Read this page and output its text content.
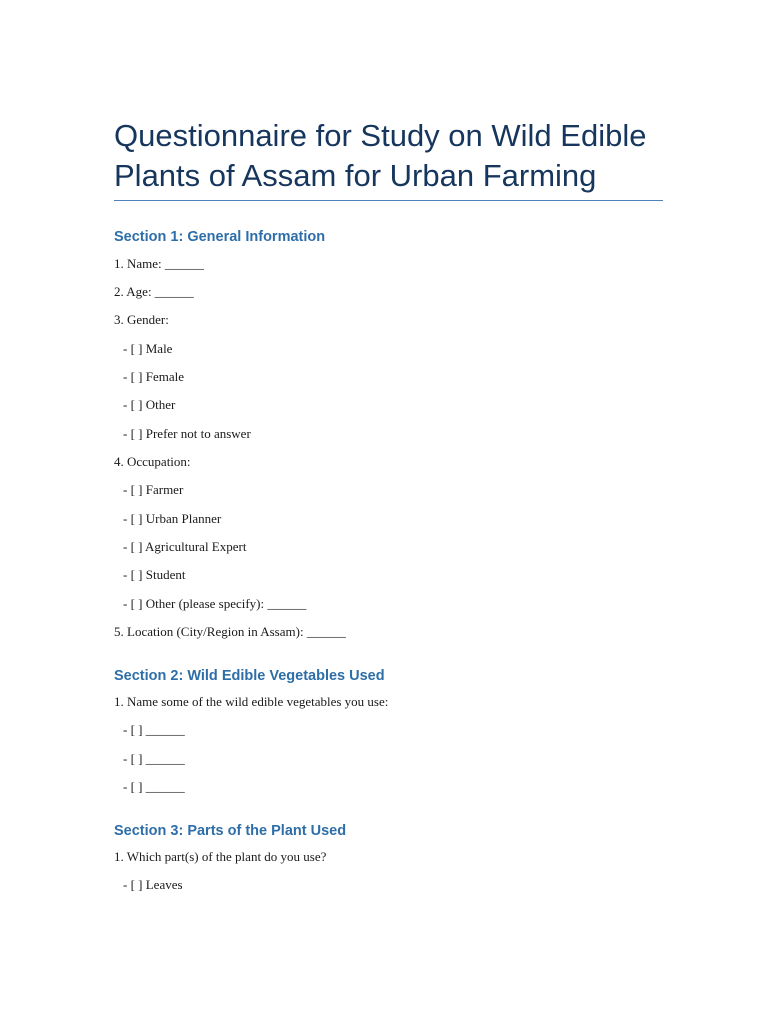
Questionnaire for Study on Wild Edible Plants of Assam for Urban Farming
Section 1: General Information

1. Name: ______

2. Age: ______

3. Gender:

- [ ] Male

- [ ] Female

- [ ] Other

- [ ] Prefer not to answer

4. Occupation:

- [ ] Farmer

- [ ] Urban Planner

- [ ] Agricultural Expert

- [ ] Student

- [ ] Other (please specify): ______

5. Location (City/Region in Assam): ______

Section 2: Wild Edible Vegetables Used

1. Name some of the wild edible vegetables you use:

- [ ] ______

- [ ] ______

- [ ] ______

Section 3: Parts of the Plant Used

1. Which part(s) of the plant do you use?

- [ ] Leaves
